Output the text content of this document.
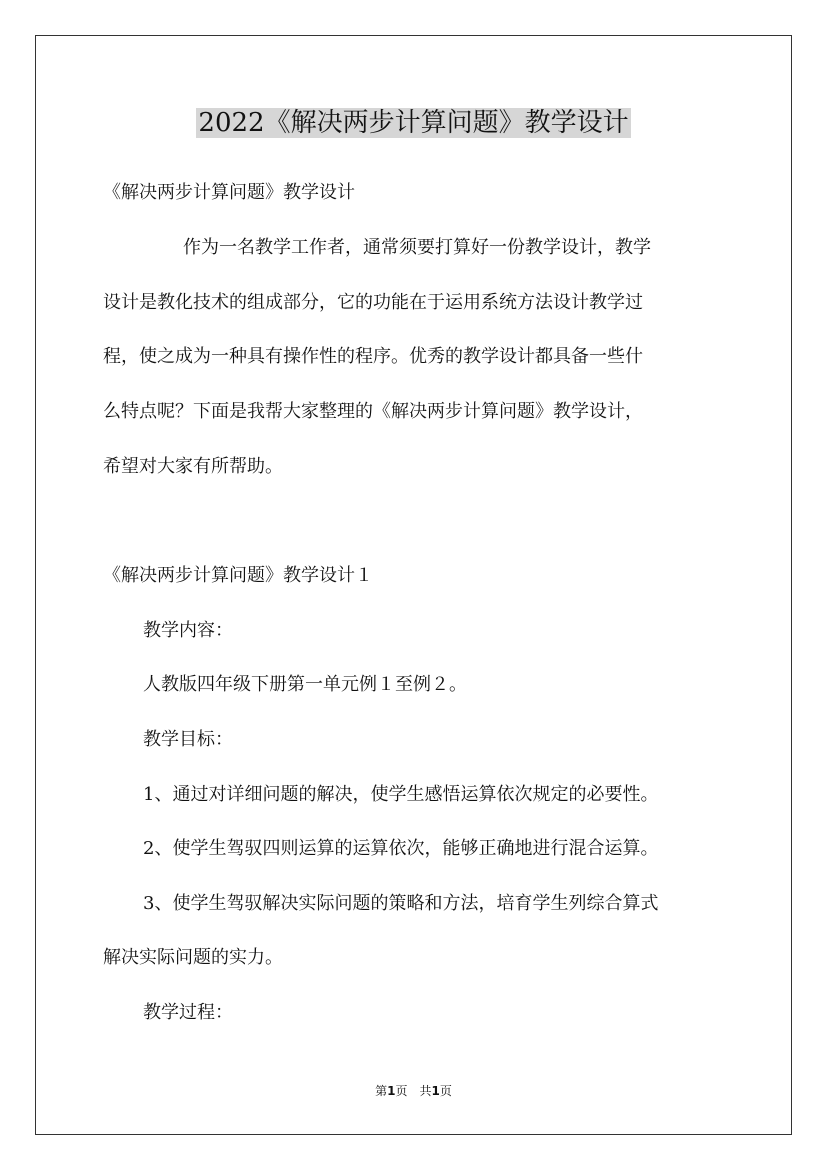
2022《解决两步计算问题》教学设计
《解决两步计算问题》教学设计
作为一名教学工作者，通常须要打算好一份教学设计，教学
设计是教化技术的组成部分，它的功能在于运用系统方法设计教学过
程，使之成为一种具有操作性的程序。优秀的教学设计都具备一些什
么特点呢？下面是我帮大家整理的《解决两步计算问题》教学设计，
希望对大家有所帮助。
《解决两步计算问题》教学设计１
教学内容：
人教版四年级下册第一单元例１至例２。
教学目标：
1、通过对详细问题的解决，使学生感悟运算依次规定的必要性。
2、使学生驾驭四则运算的运算依次，能够正确地进行混合运算。
3、使学生驾驭解决实际问题的策略和方法，培育学生列综合算式
解决实际问题的实力。
教学过程：
第1页　共1页
